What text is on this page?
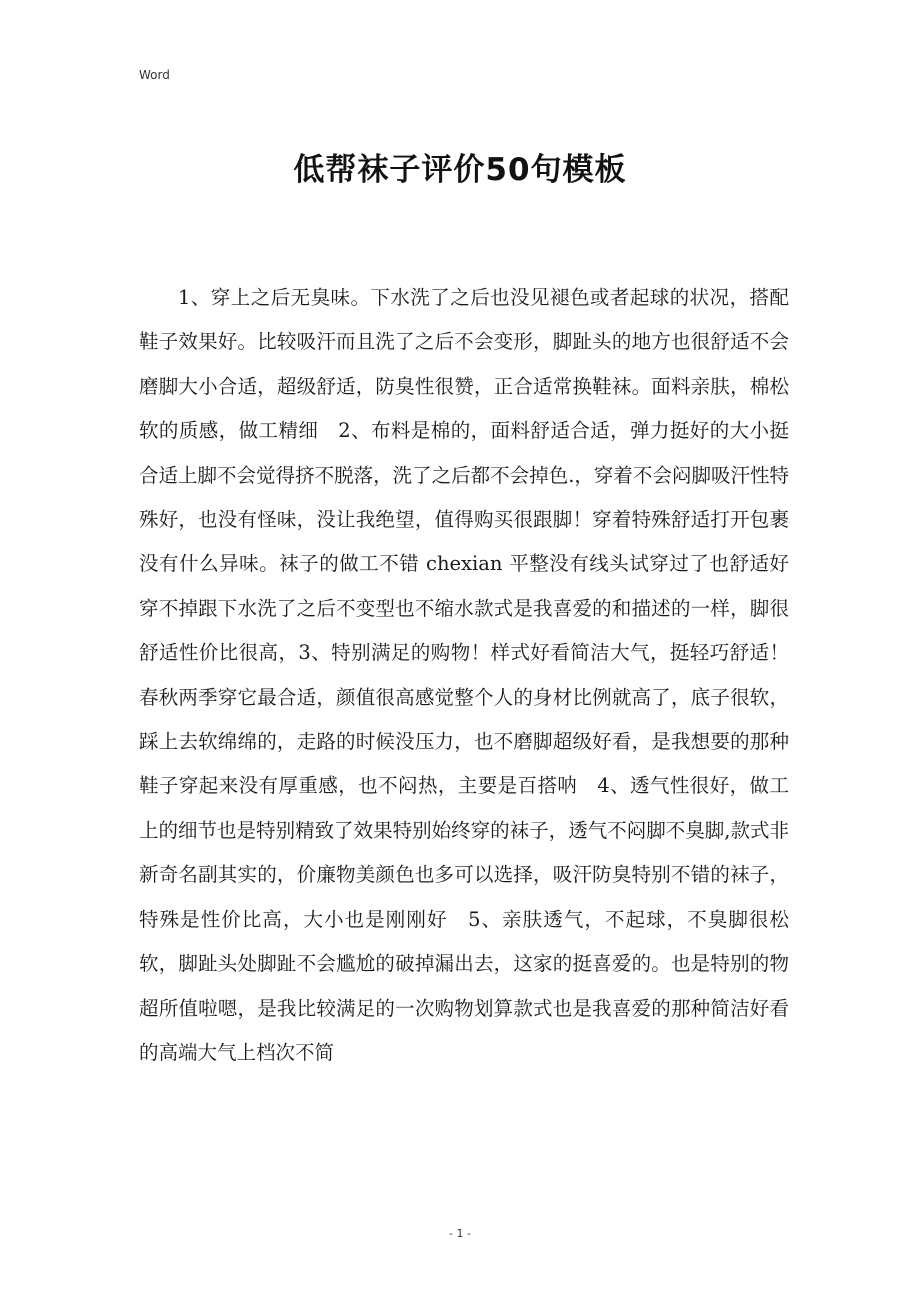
Word
低帮袜子评价50句模板

1、穿上之后无臭味。下水洗了之后也没见褪色或者起球的状况，搭配鞋子效果好。比较吸汗而且洗了之后不会变形，脚趾头的地方也很舒适不会磨脚大小合适，超级舒适，防臭性很赞，正合适常换鞋袜。面料亲肤，棉松软的质感，做工精细　2、布料是棉的，面料舒适合适，弹力挺好的大小挺合适上脚不会觉得挤不脱落，洗了之后都不会掉色.，穿着不会闷脚吸汗性特殊好，也没有怪味，没让我绝望，值得购买很跟脚！穿着特殊舒适打开包裹没有什么异味。袜子的做工不错 chexian 平整没有线头试穿过了也舒适好穿不掉跟下水洗了之后不变型也不缩水款式是我喜爱的和描述的一样，脚很舒适性价比很高，3、特别满足的购物！样式好看简洁大气，挺轻巧舒适！春秋两季穿它最合适，颜值很高感觉整个人的身材比例就高了，底子很软，踩上去软绵绵的，走路的时候没压力，也不磨脚超级好看，是我想要的那种鞋子穿起来没有厚重感，也不闷热，主要是百搭呐　4、透气性很好，做工上的细节也是特别精致了效果特别始终穿的袜子，透气不闷脚不臭脚,款式非新奇名副其实的，价廉物美颜色也多可以选择，吸汗防臭特别不错的袜子，特殊是性价比高，大小也是刚刚好　5、亲肤透气，不起球，不臭脚很松软，脚趾头处脚趾不会尴尬的破掉漏出去，这家的挺喜爱的。也是特别的物超所值啦嗯，是我比较满足的一次购物划算款式也是我喜爱的那种简洁好看的高端大气上档次不简

- 1 -
